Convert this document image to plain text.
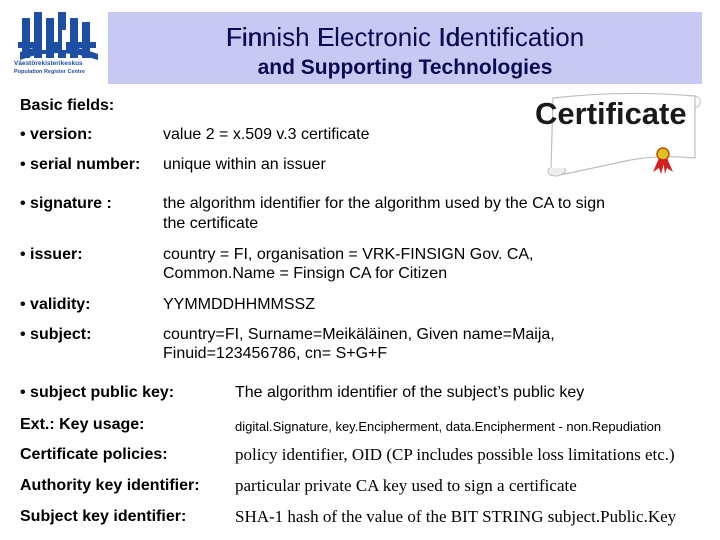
Väestörekisterikeskus
Population Register Centre
Finnish Electronic Identification
and Supporting Technologies
Certificate
Basic fields:
• version:	value 2 = x.509 v.3 certificate
• serial number: unique within an issuer
• signature :	the algorithm identifier for the algorithm used by the CA to sign
the certificate
• issuer:	country = FI, organisation = VRK-FINSIGN Gov. CA,
Common.Name = Finsign CA for Citizen
• validity:	YYMMDDHHMMSSZ
• subject:	country=FI, Surname=Meikäläinen, Given name=Maija,
Finuid=123456786, cn= S+G+F
• subject public key:	The algorithm identifier of the subject’s public key
Ext.: Key usage:	digital.Signature, key.Encipherment, data.Encipherment - non.Repudiation
Certificate policies:	policy identifier, OID (CP includes possible loss limitations etc.)
Authority key identifier: particular private CA key used to sign a certificate
Subject key identifier:	SHA-1 hash of the value of the BIT STRING subject.Public.Key
